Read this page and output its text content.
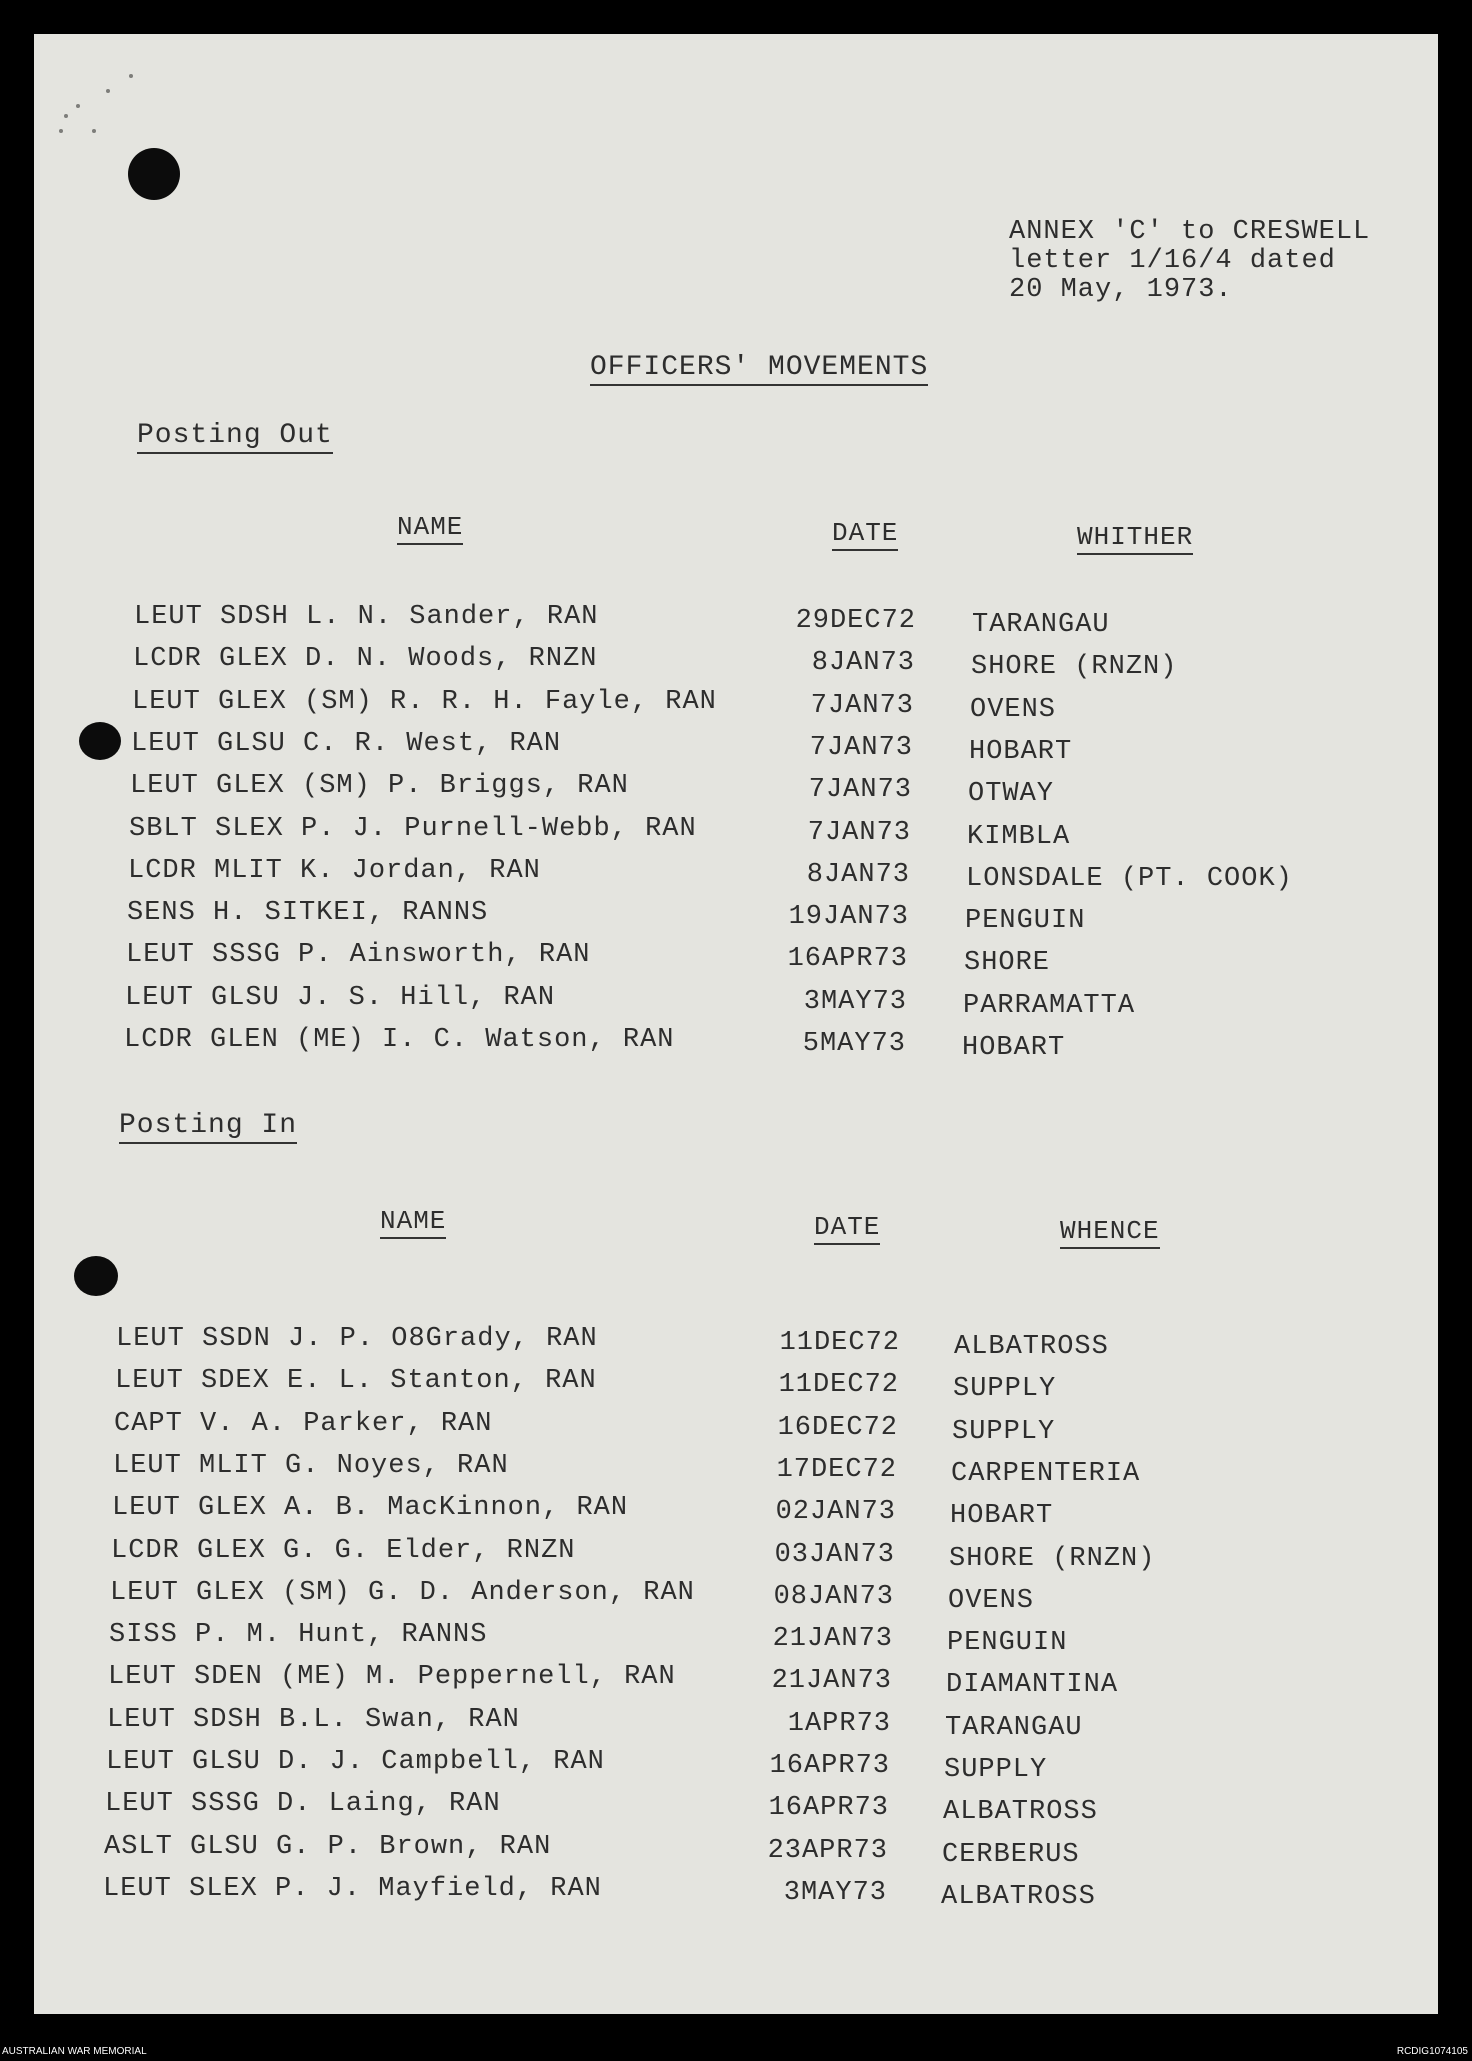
ANNEX 'C' to CRESWELL
letter 1/16/4 dated
20 May, 1973.
OFFICERS' MOVEMENTS
Posting Out
NAME	DATE	WHITHER
LEUT SDSH L. N. Sander, RAN	29DEC72 TARANGAU
LCDR GLEX D. N. Woods, RNZN	8JAN73 SHORE (RNZN)
LEUT GLEX (SM) R. R. H. Fayle, RAN	7JAN73 OVENS
LEUT GLSU C. R. West, RAN	7JAN73 HOBART
LEUT GLEX (SM) P. Briggs, RAN	7JAN73 OTWAY
SBLT SLEX P. J. Purnell-Webb, RAN	7JAN73 KIMBLA
LCDR MLIT K. Jordan, RAN	8JAN73 LONSDALE (PT. COOK)
SENS H. SITKEI, RANNS	19JAN73 PENGUIN
LEUT SSSG P. Ainsworth, RAN	16APR73 SHORE
LEUT GLSU J. S. Hill, RAN	3MAY73 PARRAMATTA
LCDR GLEN (ME) I. C. Watson, RAN	5MAY73 HOBART
Posting In
NAME	DATE	WHENCE
LEUT SSDN J. P. O8Grady, RAN	11DEC72 ALBATROSS
LEUT SDEX E. L. Stanton, RAN	11DEC72 SUPPLY
CAPT V. A. Parker, RAN	16DEC72 SUPPLY
LEUT MLIT G. Noyes, RAN	17DEC72 CARPENTERIA
LEUT GLEX A. B. MacKinnon, RAN	02JAN73 HOBART
LCDR GLEX G. G. Elder, RNZN	03JAN73 SHORE (RNZN)
LEUT GLEX (SM) G. D. Anderson, RAN	08JAN73 OVENS
SISS P. M. Hunt, RANNS	21JAN73 PENGUIN
LEUT SDEN (ME) M. Peppernell, RAN	21JAN73 DIAMANTINA
LEUT SDSH B.L. Swan, RAN	1APR73 TARANGAU
LEUT GLSU D. J. Campbell, RAN	16APR73 SUPPLY
LEUT SSSG D. Laing, RAN	16APR73 ALBATROSS
ASLT GLSU G. P. Brown, RAN	23APR73 CERBERUS
LEUT SLEX P. J. Mayfield, RAN	3MAY73 ALBATROSS
AUSTRALIAN WAR MEMORIAL	RCDIG1074105
